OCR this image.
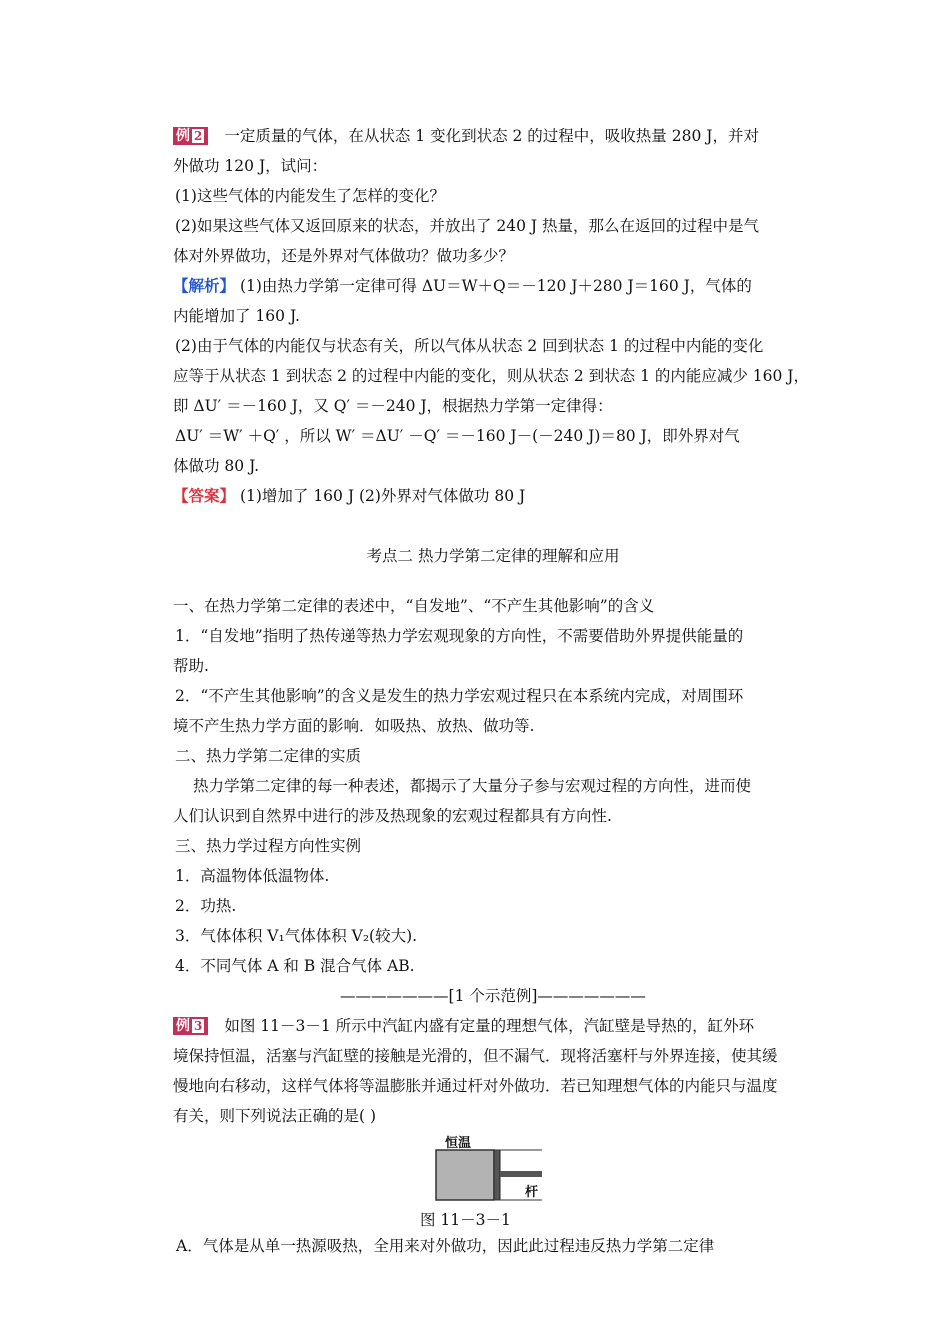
例 2 一定质量的气体，在从状态 1 变化到状态 2 的过程中，吸收热量 280 J，并对
外做功 120 J，试问：
(1)这些气体的内能发生了怎样的变化？
(2)如果这些气体又返回原来的状态，并放出了 240 J 热量，那么在返回的过程中是气
体对外界做功，还是外界对气体做功？做功多少？
【解析】 (1)由热力学第一定律可得 ΔU＝W＋Q＝－120 J＋280 J＝160 J，气体的
内能增加了 160 J.
(2)由于气体的内能仅与状态有关，所以气体从状态 2 回到状态 1 的过程中内能的变化
应等于从状态 1 到状态 2 的过程中内能的变化，则从状态 2 到状态 1 的内能应减少 160 J，
即 ΔU′ ＝－160 J，又 Q′ ＝－240 J，根据热力学第一定律得：
ΔU′ ＝W′ ＋Q′ ，所以 W′ ＝ΔU′ －Q′ ＝－160 J－(－240 J)＝80 J，即外界对气
体做功 80 J.
【答案】 (1)增加了 160 J (2)外界对气体做功 80 J
考点二 热力学第二定律的理解和应用
一、在热力学第二定律的表述中，“自发地”、“不产生其他影响”的含义
1．“自发地”指明了热传递等热力学宏观现象的方向性，不需要借助外界提供能量的
帮助.
2．“不产生其他影响”的含义是发生的热力学宏观过程只在本系统内完成，对周围环
境不产生热力学方面的影响．如吸热、放热、做功等.
二、热力学第二定律的实质
热力学第二定律的每一种表述，都揭示了大量分子参与宏观过程的方向性，进而使
人们认识到自然界中进行的涉及热现象的宏观过程都具有方向性.
三、热力学过程方向性实例
1．高温物体低温物体.
2．功热.
3．气体体积 V₁气体体积 V₂(较大).
4．不同气体 A 和 B 混合气体 AB.
———————[1 个示范例]———————
例 3 如图 11－3－1 所示中汽缸内盛有定量的理想气体，汽缸壁是导热的，缸外环
境保持恒温，活塞与汽缸壁的接触是光滑的，但不漏气．现将活塞杆与外界连接，使其缓
慢地向右移动，这样气体将等温膨胀并通过杆对外做功．若已知理想气体的内能只与温度
有关，则下列说法正确的是( )
恒温
杆
图 11－3－1
A．气体是从单一热源吸热，全用来对外做功，因此此过程违反热力学第二定律
